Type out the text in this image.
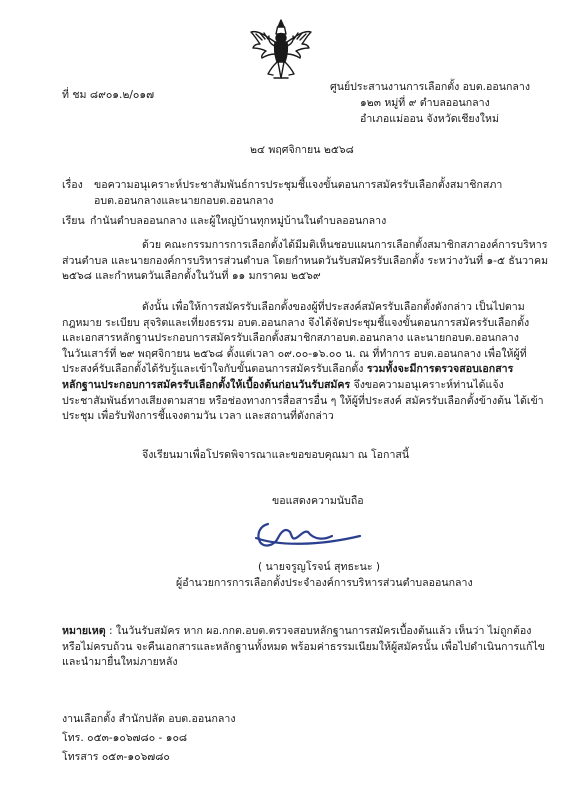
ที่ ชม ๘๙๐๑.๒/๐๑๗
ศูนย์ประสานงานการเลือกตั้ง อบต.ออนกลาง
๑๒๓ หมู่ที่ ๙ ตำบลออนกลาง
อำเภอแม่ออน จังหวัดเชียงใหม่
๒๔ พฤศจิกายน ๒๕๖๘
เรื่อง ขอความอนุเคราะห์ประชาสัมพันธ์การประชุมชี้แจงขั้นตอนการสมัครรับเลือกตั้งสมาชิกสภา
อบต.ออนกลางและนายกอบต.ออนกลาง
เรียน กำนันตำบลออนกลาง และผู้ใหญ่บ้านทุกหมู่บ้านในตำบลออนกลาง
ด้วย คณะกรรมการการเลือกตั้งได้มีมติเห็นชอบแผนการเลือกตั้งสมาชิกสภาองค์การบริหาร
ส่วนตำบล และนายกองค์การบริหารส่วนตำบล โดยกำหนดวันรับสมัครรับเลือกตั้ง ระหว่างวันที่ ๑-๕ ธันวาคม
๒๕๖๘ และกำหนดวันเลือกตั้งในวันที่ ๑๑ มกราคม ๒๕๖๙
ดังนั้น เพื่อให้การสมัครรับเลือกตั้งของผู้ที่ประสงค์สมัครรับเลือกตั้งดังกล่าว เป็นไปตาม
กฎหมาย ระเบียบ สุจริตและเที่ยงธรรม อบต.ออนกลาง จึงได้จัดประชุมชี้แจงขั้นตอนการสมัครรับเลือกตั้ง
และเอกสารหลักฐานประกอบการสมัครรับเลือกตั้งสมาชิกสภาอบต.ออนกลาง และนายกอบต.ออนกลาง
ในวันเสาร์ที่ ๒๙ พฤศจิกายน ๒๕๖๘ ตั้งแต่เวลา ๐๙.๐๐-๑๖.๐๐ น. ณ ที่ทำการ อบต.ออนกลาง เพื่อให้ผู้ที่
ประสงค์รับเลือกตั้งได้รับรู้และเข้าใจกับขั้นตอนการสมัครรับเลือกตั้ง รวมทั้งจะมีการตรวจสอบเอกสาร
หลักฐานประกอบการสมัครรับเลือกตั้งให้เบื้องต้นก่อนวันรับสมัคร จึงขอความอนุเคราะห์ท่านได้แจ้ง
ประชาสัมพันธ์ทางเสียงตามสาย หรือช่องทางการสื่อสารอื่น ๆ ให้ผู้ที่ประสงค์ สมัครรับเลือกตั้งข้างต้น ได้เข้า
ประชุม เพื่อรับฟังการชี้แจงตามวัน เวลา และสถานที่ดังกล่าว
จึงเรียนมาเพื่อโปรดพิจารณาและขอขอบคุณมา ณ โอกาสนี้
ขอแสดงความนับถือ
( นายจรูญโรจน์ สุทธะนะ )
ผู้อำนวยการการเลือกตั้งประจำองค์การบริหารส่วนตำบลออนกลาง
หมายเหตุ : ในวันรับสมัคร หาก ผอ.กกต.อบต.ตรวจสอบหลักฐานการสมัครเบื้องต้นแล้ว เห็นว่า ไม่ถูกต้อง
หรือไม่ครบถ้วน จะคืนเอกสารและหลักฐานทั้งหมด พร้อมค่าธรรมเนียมให้ผู้สมัครนั้น เพื่อไปดำเนินการแก้ไข
และนำมายื่นใหม่ภายหลัง
งานเลือกตั้ง สำนักปลัด อบต.ออนกลาง
โทร. ๐๕๓-๑๐๖๗๘๐ - ๑๐๘
โทรสาร ๐๕๓-๑๐๖๗๘๐
